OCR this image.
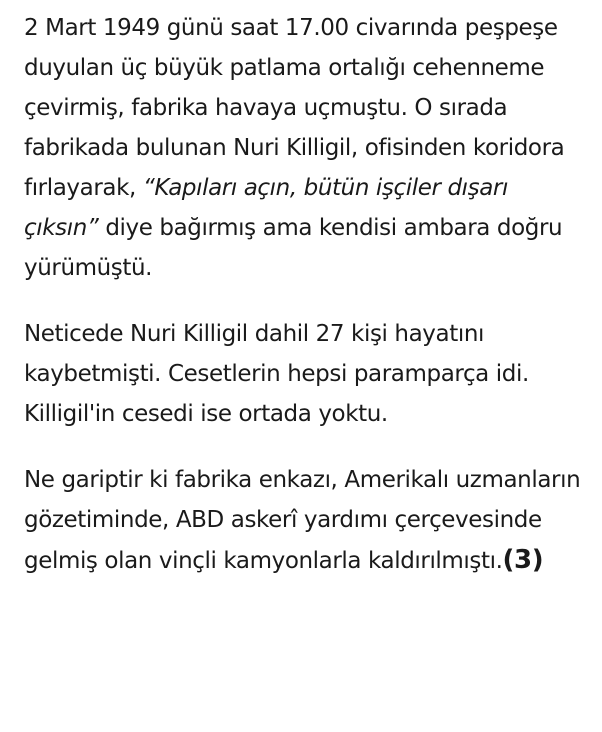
2 Mart 1949 günü saat 17.00 civarında peşpeşe duyulan üç büyük patlama ortalığı cehenneme çevirmiş, fabrika havaya uçmuştu. O sırada fabrikada bulunan Nuri Killigil, ofisinden koridora fırlayarak, “Kapıları açın, bütün işçiler dışarı çıksın” diye bağırmış ama kendisi ambara doğru yürümüştü.

Neticede Nuri Killigil dahil 27 kişi hayatını kaybetmişti. Cesetlerin hepsi paramparça idi. Killigil'in cesedi ise ortada yoktu.

Ne gariptir ki fabrika enkazı, Amerikalı uzmanların gözetiminde, ABD askerî yardımı çerçevesinde gelmiş olan vinçli kamyonlarla kaldırılmıştı.(3)
